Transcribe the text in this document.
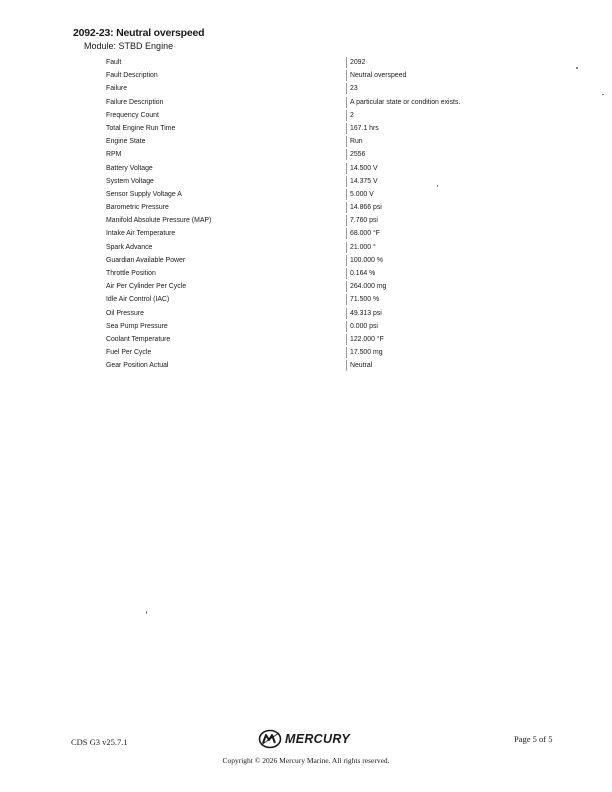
2092-23: Neutral overspeed
Module: STBD Engine
Fault	2092
Fault Description	Neutral overspeed
Failure	23
Failure Description	A particular state or condition exists.
Frequency Count	2
Total Engine Run Time	167.1 hrs
Engine State	Run
RPM	2556
Battery Voltage	14.500 V
System Voltage	14.375 V
Sensor Supply Voltage A	5.000 V
Barometric Pressure	14.866 psi
Manifold Absolute Pressure (MAP)	7.760 psi
Intake Air Temperature	68.000 °F
Spark Advance	21.000 °
Guardian Available Power	100.000 %
Throttle Position	0.164 %
Air Per Cylinder Per Cycle	264.000 mg
Idle Air Control (IAC)	71.500 %
Oil Pressure	49.313 psi
Sea Pump Pressure	0.000 psi
Coolant Temperature	122.000 °F
Fuel Per Cycle	17.500 mg
Gear Position Actual	Neutral
CDS G3 v25.7.1	MERCURY	Page 5 of 5
Copyright © 2026 Mercury Marine. All rights reserved.
